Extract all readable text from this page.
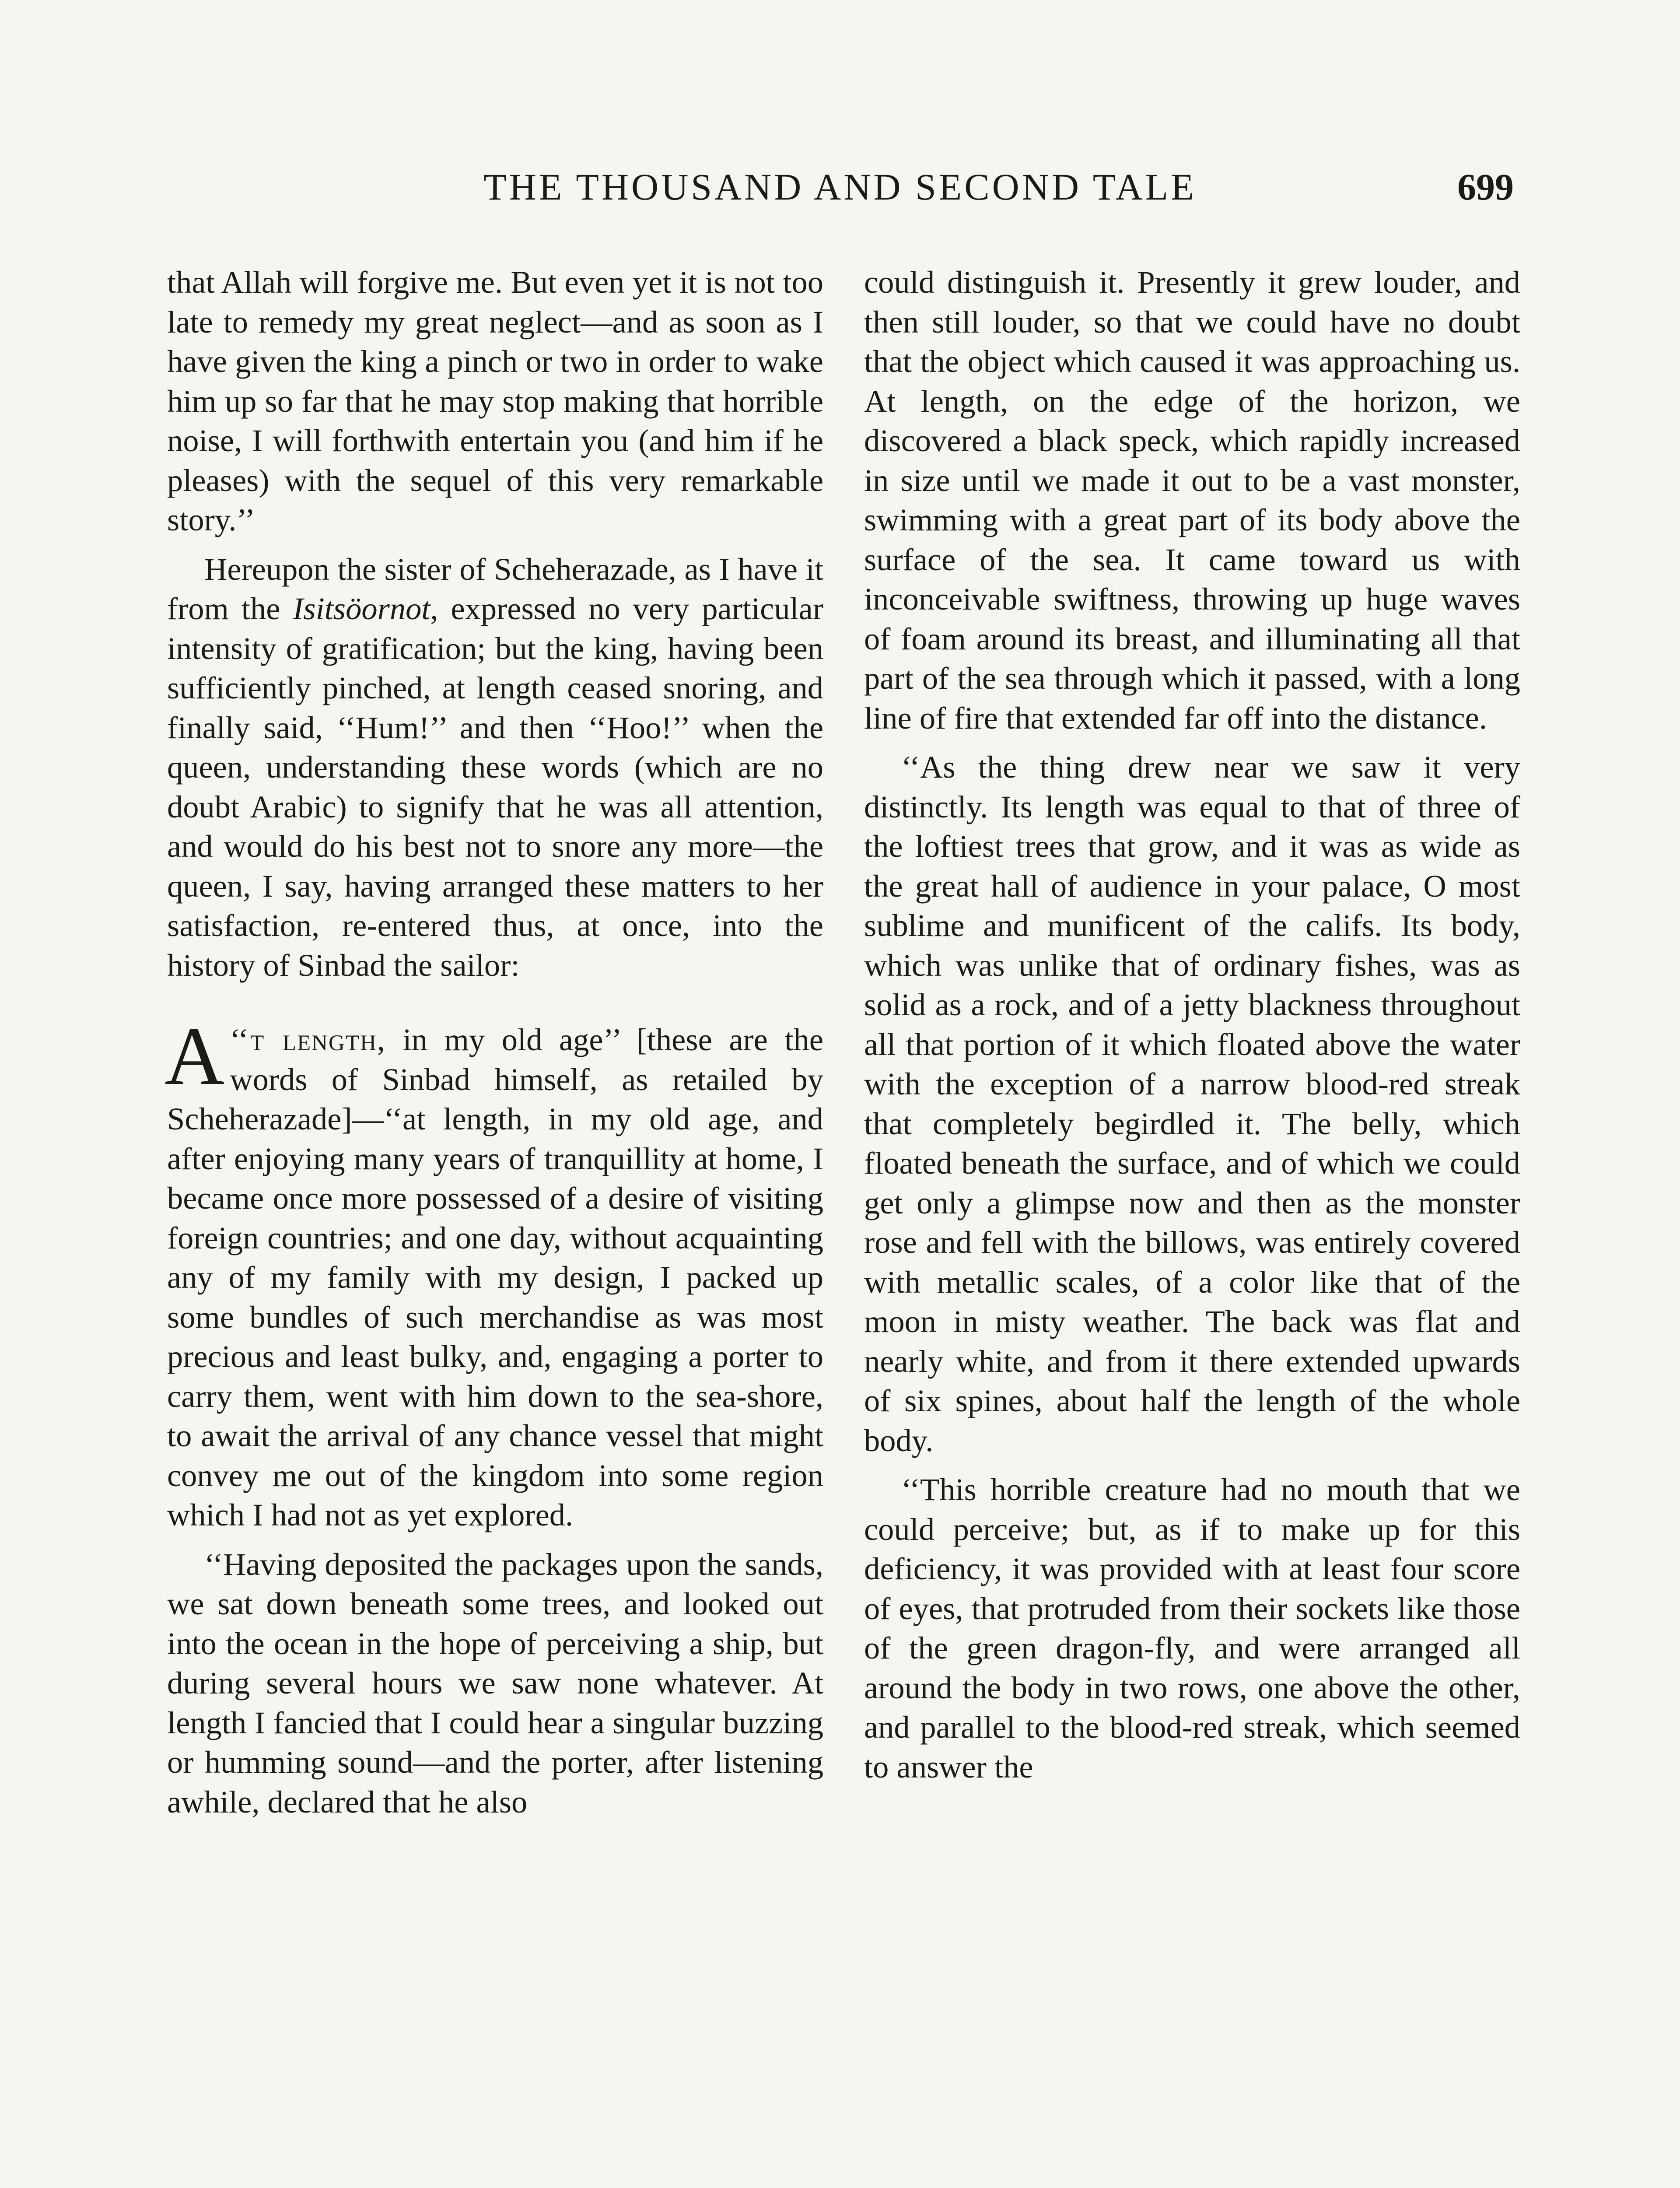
THE THOUSAND AND SECOND TALE	699

that Allah will forgive me. But even yet it is not too late to remedy my great neglect—and as soon as I have given the king a pinch or two in order to wake him up so far that he may stop making that horrible noise, I will forthwith entertain you (and him if he pleases) with the sequel of this very remarkable story.’’

Hereupon the sister of Scheherazade, as I have it from the Isitsöornot, expressed no very particular intensity of gratification; but the king, having been sufficiently pinched, at length ceased snoring, and finally said, ‘‘Hum!’’ and then ‘‘Hoo!’’ when the queen, understanding these words (which are no doubt Arabic) to signify that he was all attention, and would do his best not to snore any more—the queen, I say, having arranged these matters to her satisfaction, re-entered thus, at once, into the history of Sinbad the sailor:

‘‘
A t length, in my old age’’ [these are the words of Sinbad himself, as retailed by Scheherazade]—‘‘at length, in my old age, and after enjoying many years of tranquillity at home, I became once more possessed of a desire of visiting foreign countries; and one day, without acquainting any of my family with my design, I packed up some bundles of such merchandise as was most precious and least bulky, and, engaging a porter to carry them, went with him down to the sea-shore, to await the arrival of any chance vessel that might convey me out of the kingdom into some region which I had not as yet explored.

‘‘Having deposited the packages upon the sands, we sat down beneath some trees, and looked out into the ocean in the hope of perceiving a ship, but during several hours we saw none whatever. At length I fancied that I could hear a singular buzzing or humming sound—and the porter, after listening awhile, declared that he also

could distinguish it. Presently it grew louder, and then still louder, so that we could have no doubt that the object which caused it was approaching us. At length, on the edge of the horizon, we discovered a black speck, which rapidly increased in size until we made it out to be a vast monster, swimming with a great part of its body above the surface of the sea. It came toward us with inconceivable swiftness, throwing up huge waves of foam around its breast, and illuminating all that part of the sea through which it passed, with a long line of fire that extended far off into the distance.

‘‘As the thing drew near we saw it very distinctly. Its length was equal to that of three of the loftiest trees that grow, and it was as wide as the great hall of audience in your palace, O most sublime and munificent of the califs. Its body, which was unlike that of ordinary fishes, was as solid as a rock, and of a jetty blackness throughout all that portion of it which floated above the water with the exception of a narrow blood-red streak that completely begirdled it. The belly, which floated beneath the surface, and of which we could get only a glimpse now and then as the monster rose and fell with the billows, was entirely covered with metallic scales, of a color like that of the moon in misty weather. The back was flat and nearly white, and from it there extended upwards of six spines, about half the length of the whole body.

‘‘This horrible creature had no mouth that we could perceive; but, as if to make up for this deficiency, it was provided with at least four score of eyes, that protruded from their sockets like those of the green dragon-fly, and were arranged all around the body in two rows, one above the other, and parallel to the blood-red streak, which seemed to answer the
